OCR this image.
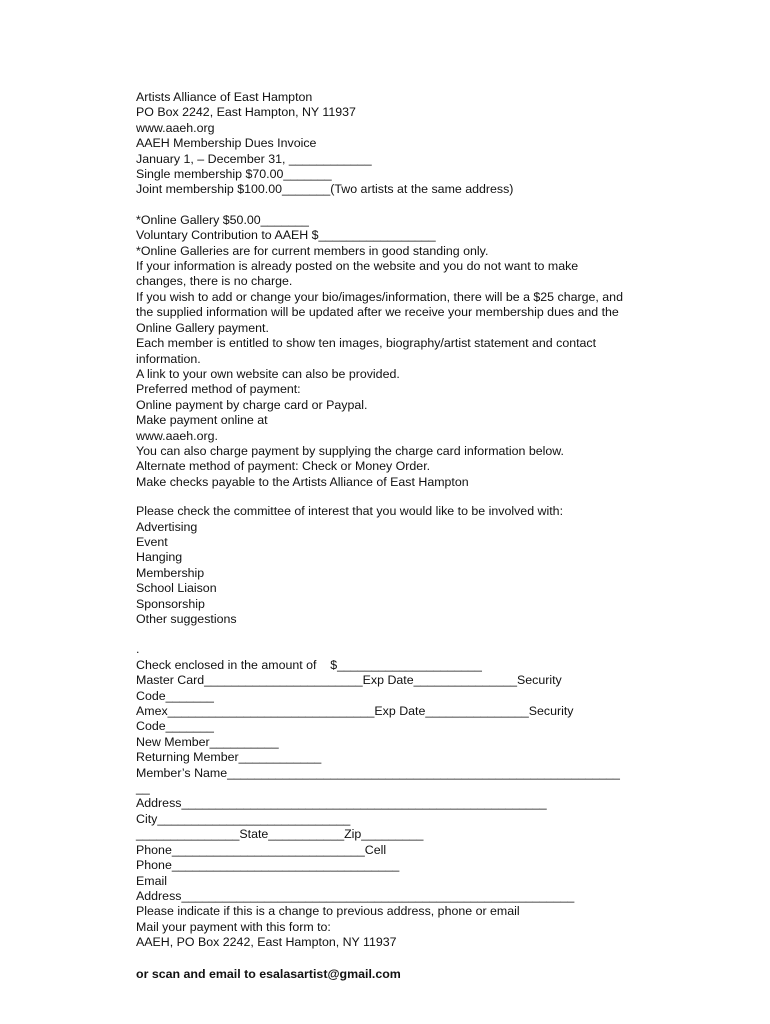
Artists Alliance of East Hampton
PO Box 2242, East Hampton, NY 11937
www.aaeh.org
AAEH Membership Dues Invoice
January 1, – December 31, ____________
Single membership $70.00_______
Joint membership $100.00_______(Two artists at the same address)
*Online Gallery $50.00_______
Voluntary Contribution to AAEH $_________________
*Online Galleries are for current members in good standing only.
If your information is already posted on the website and you do not want to make
changes, there is no charge.
If you wish to add or change your bio/images/information, there will be a $25 charge, and
the supplied information will be updated after we receive your membership dues and the
Online Gallery payment.
Each member is entitled to show ten images, biography/artist statement and contact
information.
A link to your own website can also be provided.
Preferred method of payment:
Online payment by charge card or Paypal.
Make payment online at
www.aaeh.org.
You can also charge payment by supplying the charge card information below.
Alternate method of payment: Check or Money Order.
Make checks payable to the Artists Alliance of East Hampton
Please check the committee of interest that you would like to be involved with:
Advertising
Event
Hanging
Membership
School Liaison
Sponsorship
Other suggestions
.
Check enclosed in the amount of    $_____________________
Master Card_______________________Exp Date_______________Security
Code_______
Amex______________________________Exp Date_______________Security
Code_______
New Member__________
Returning Member____________
Member’s Name_________________________________________________________
__
Address_____________________________________________________
City____________________________
_______________State___________Zip_________
Phone____________________________Cell
Phone_________________________________
Email
Address_________________________________________________________
Please indicate if this is a change to previous address, phone or email
Mail your payment with this form to:
AAEH, PO Box 2242, East Hampton, NY 11937
or scan and email to esalasartist@gmail.com
